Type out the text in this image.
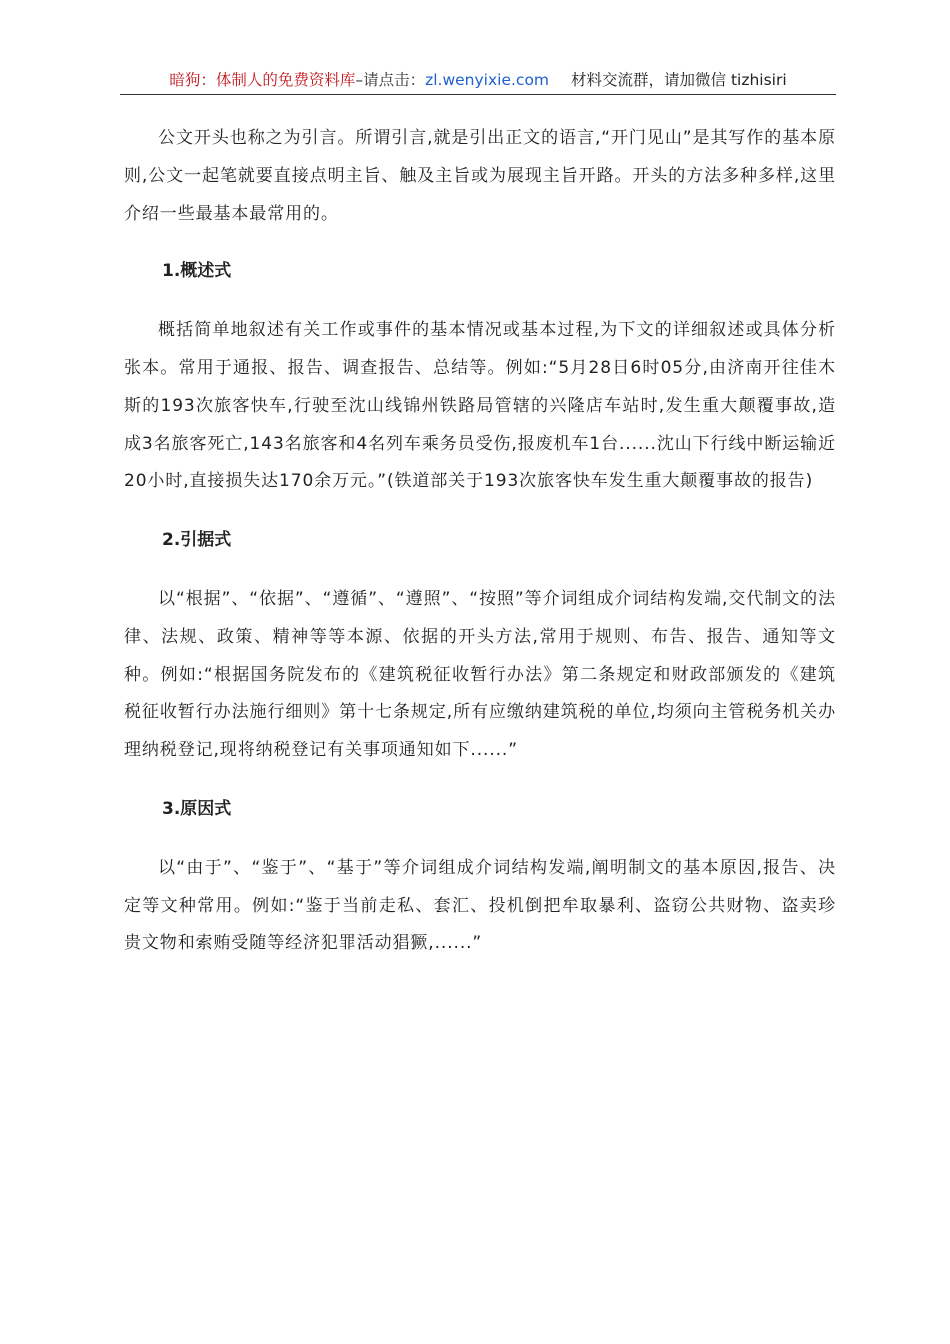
暗狗：体制人的免费资料库–请点击：zl.wenyixie.com 材料交流群，请加微信 tizhisiri

公文开头也称之为引言。所谓引言,就是引出正文的语言,“开门见山”是其写作的基本原则,公文一起笔就要直接点明主旨、触及主旨或为展现主旨开路。开头的方法多种多样,这里介绍一些最基本最常用的。

1.概述式

概括简单地叙述有关工作或事件的基本情况或基本过程,为下文的详细叙述或具体分析张本。常用于通报、报告、调查报告、总结等。例如:“5月28日6时05分,由济南开往佳木斯的193次旅客快车,行驶至沈山线锦州铁路局管辖的兴隆店车站时,发生重大颠覆事故,造成3名旅客死亡,143名旅客和4名列车乘务员受伤,报废机车1台......沈山下行线中断运输近20小时,直接损失达170余万元。”(铁道部关于193次旅客快车发生重大颠覆事故的报告)

2.引据式

以“根据”、“依据”、“遵循”、“遵照”、“按照”等介词组成介词结构发端,交代制文的法律、法规、政策、精神等等本源、依据的开头方法,常用于规则、布告、报告、通知等文种。例如:“根据国务院发布的《建筑税征收暂行办法》第二条规定和财政部颁发的《建筑税征收暂行办法施行细则》第十七条规定,所有应缴纳建筑税的单位,均须向主管税务机关办理纳税登记,现将纳税登记有关事项通知如下......”

3.原因式

以“由于”、“鉴于”、“基于”等介词组成介词结构发端,阐明制文的基本原因,报告、决定等文种常用。例如:“鉴于当前走私、套汇、投机倒把牟取暴利、盗窃公共财物、盗卖珍贵文物和索贿受随等经济犯罪活动猖獗,......”
